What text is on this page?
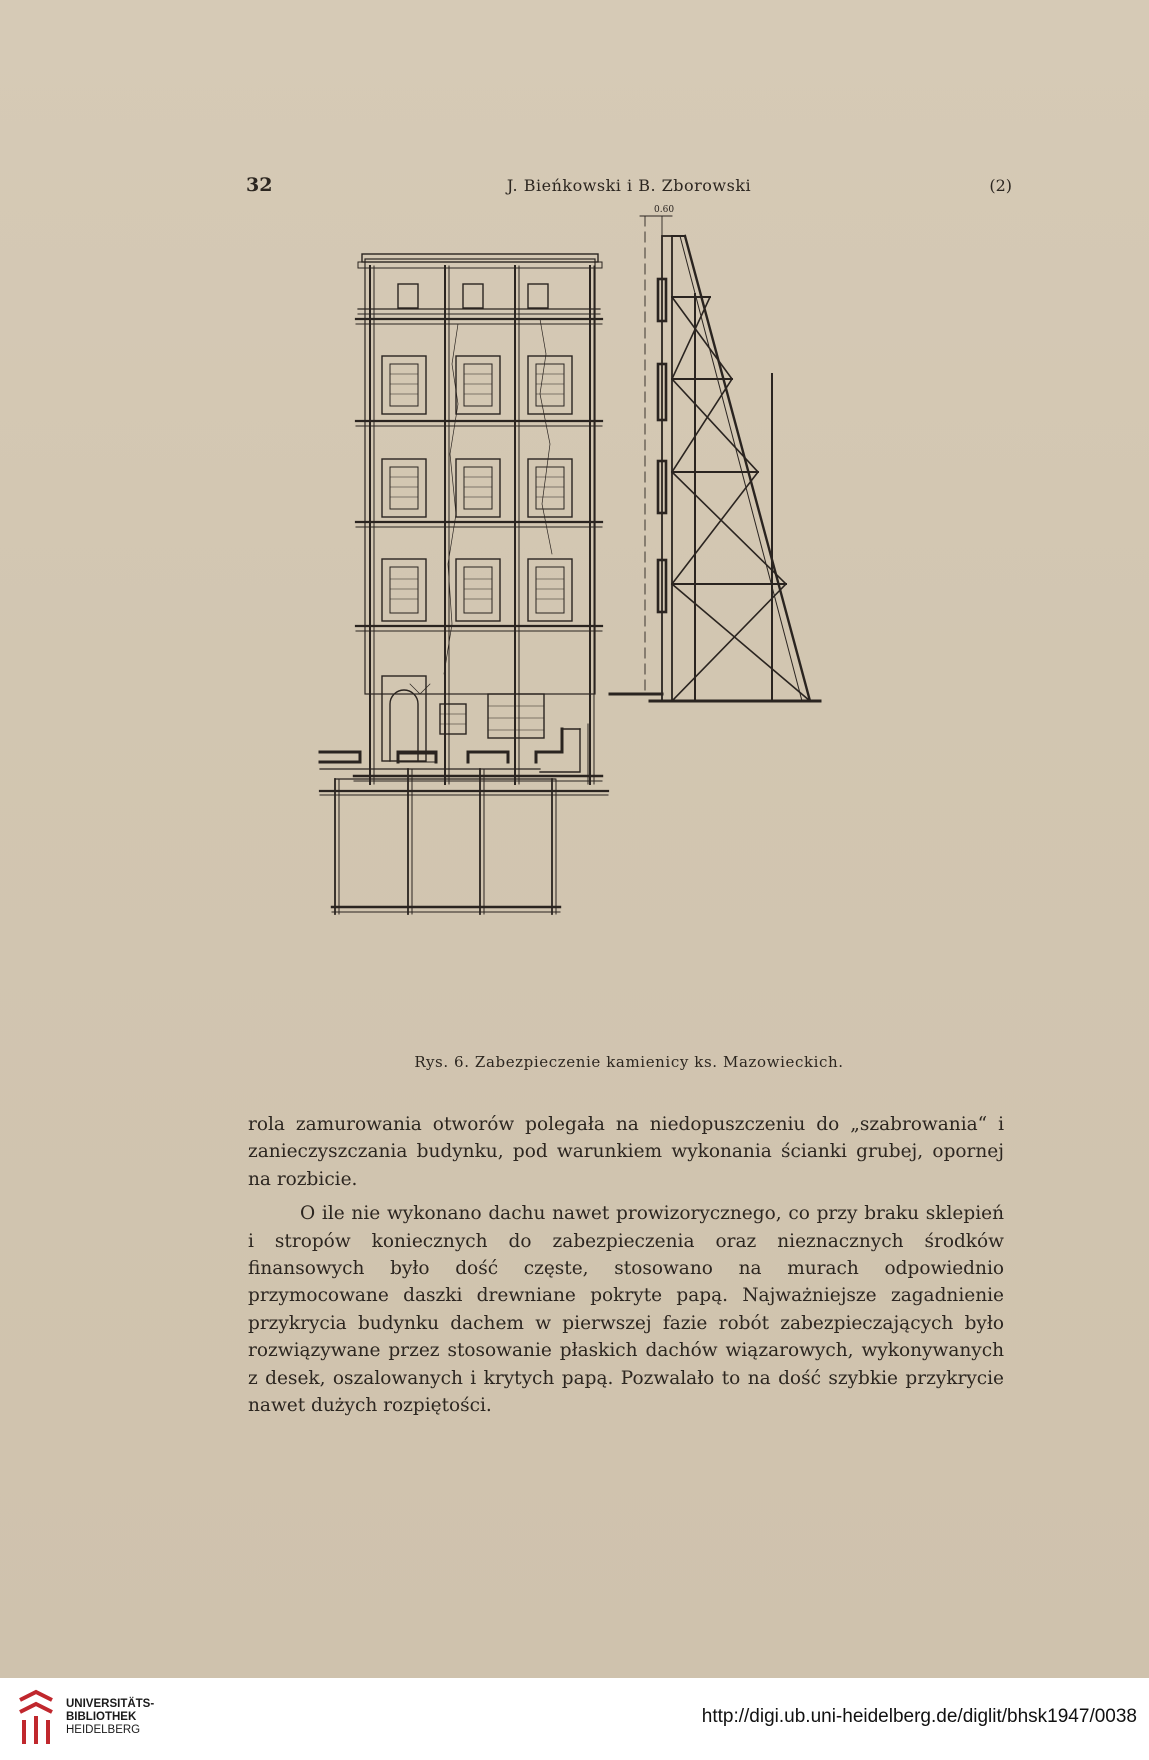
32	J. Bieńkowski i B. Zborowski	(2)
0.60
Rys. 6. Zabezpieczenie kamienicy ks. Mazowieckich.

rola zamurowania otworów polegała na niedopuszczeniu do „szabrowania“ i zanieczyszczania budynku, pod warunkiem wykonania ścianki grubej, opornej na rozbicie.

O ile nie wykonano dachu nawet prowizorycznego, co przy braku sklepień i stropów koniecznych do zabezpieczenia oraz nieznacznych środków finansowych było dość częste, stosowano na murach odpowiednio przymocowane daszki drewniane pokryte papą. Najważniejsze zagadnienie przykrycia budynku dachem w pierwszej fazie robót zabezpieczających było rozwiązywane przez stosowanie płaskich dachów wiązarowych, wykonywanych z desek, oszalowanych i krytych papą. Pozwalało to na dość szybkie przykrycie nawet dużych rozpiętości.

UNIVERSITÄTS-
BIBLIOTHEK
HEIDELBERG
http://digi.ub.uni-heidelberg.de/diglit/bhsk1947/0038
